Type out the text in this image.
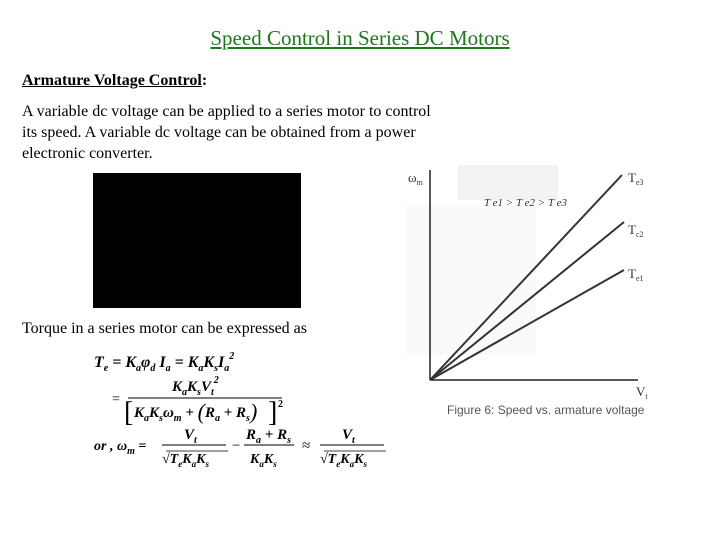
Speed Control in Series DC Motors
Armature Voltage Control:
A variable dc voltage can be applied to a series motor to control its speed. A variable dc voltage can be obtained from a power electronic converter.
Torque in a series motor can be expressed as
$T_e = K_a\varphi_d$ $I_a = K_aK_sI_a^2$
=
$K_aK_sV_t^2$
[ $K_aK_s\omega_m + (R_a + R_s)$ ] 2
or , $\omega_m$ =
$V_t$
$√T_eK_aK_s$
−
$R_a + R_s$
$K_aK_s$
≈
$V_t$
$√T_eK_aK_s$
$\omega_m$
$V_t$
T e1 > T e2 > T e3
$T_{e3}$
$T_{c2}$
$T_{e1}$
Figure 6: Speed vs. armature voltage
